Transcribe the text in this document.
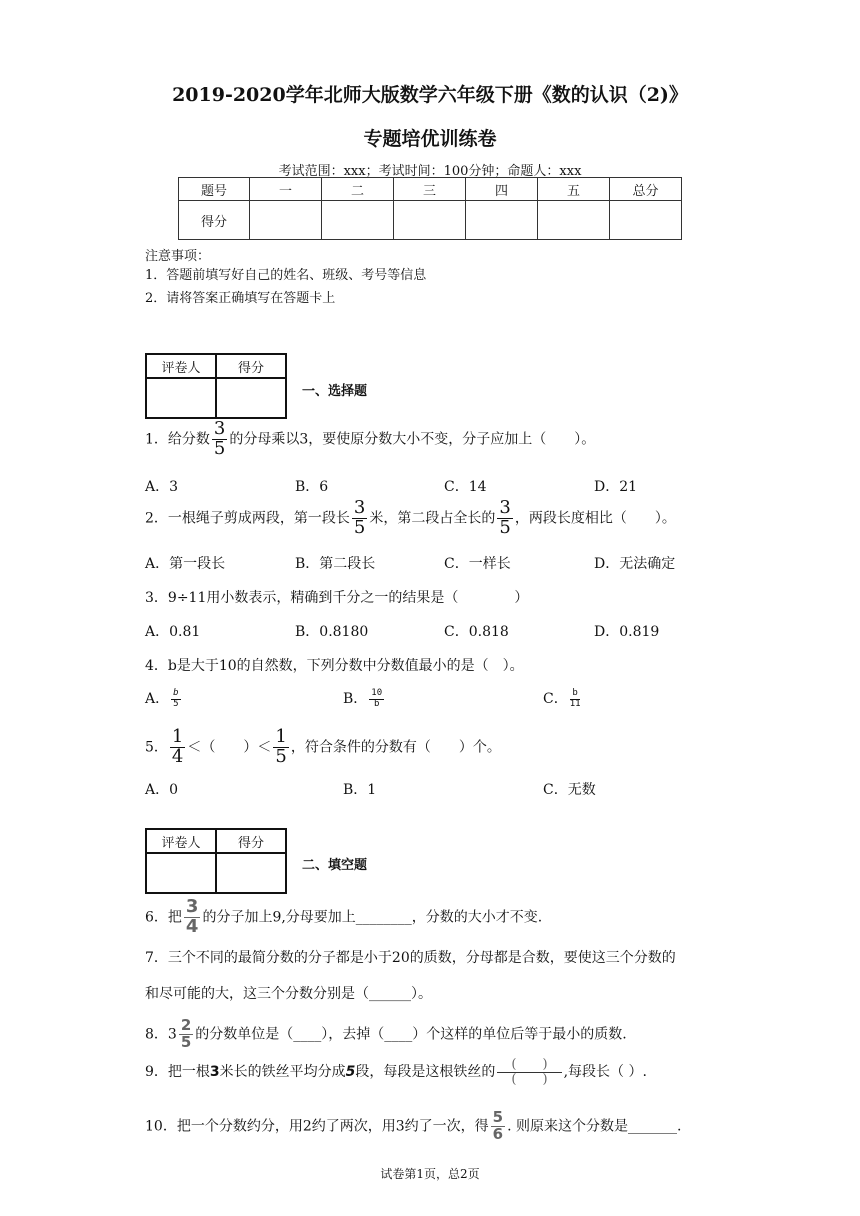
2019-2020学年北师大版数学六年级下册《数的认识（2)》
专题培优训练卷
考试范围：xxx；考试时间：100分钟；命题人：xxx
题号	一	二	三	四	五	总分
得分						
注意事项：
1．答题前填写好自己的姓名、班级、考号等信息
2．请将答案正确填写在答题卡上
评卷人	得分

一、选择题
1．给分数 $\frac{3}{5}$ 的分母乘以3，要使原分数大小不变，分子应加上（　　）。
A．3	B．6	C．14	D．21
2．一根绳子剪成两段，第一段长 $\frac{3}{5}$ 米，第二段占全长的 $\frac{3}{5}$ ，两段长度相比（　　）。
A．第一段长	B．第二段长	C．一样长	D．无法确定
3．9÷11用小数表示，精确到千分之一的结果是（　　　　）
A．0.81	B．0.8180	C．0.818	D．0.819
4．b是大于10的自然数，下列分数中分数值最小的是（　）。
A． $\frac{b}{5}$	B． $\frac{10}{b}$	C． $\frac{b}{11}$
5． $\frac{1}{4}$ ＜（　　）＜ $\frac{1}{5}$ ，符合条件的分数有（　　）个。
A．0	B．1	C．无数
评卷人	得分

二、填空题
6．把 $\frac{3}{4}$ 的分子加上9,分母要加上________，分数的大小才不变.
7．三个不同的最简分数的分子都是小于20的质数，分母都是合数，要使这三个分数的
和尽可能的大，这三个分数分别是（______）。
8．$3 \frac{2}{5}$ 的分数单位是（____），去掉（____）个这样的单位后等于最小的质数.
9．把一根3米长的铁丝平均分成5段，每段是这根铁丝的 $\frac{( )}{( )}$ ,每段长（ ）.
10．把一个分数约分，用2约了两次，用3约了一次，得 $\frac{5}{6}$ . 则原来这个分数是_______.
试卷第1页，总2页
